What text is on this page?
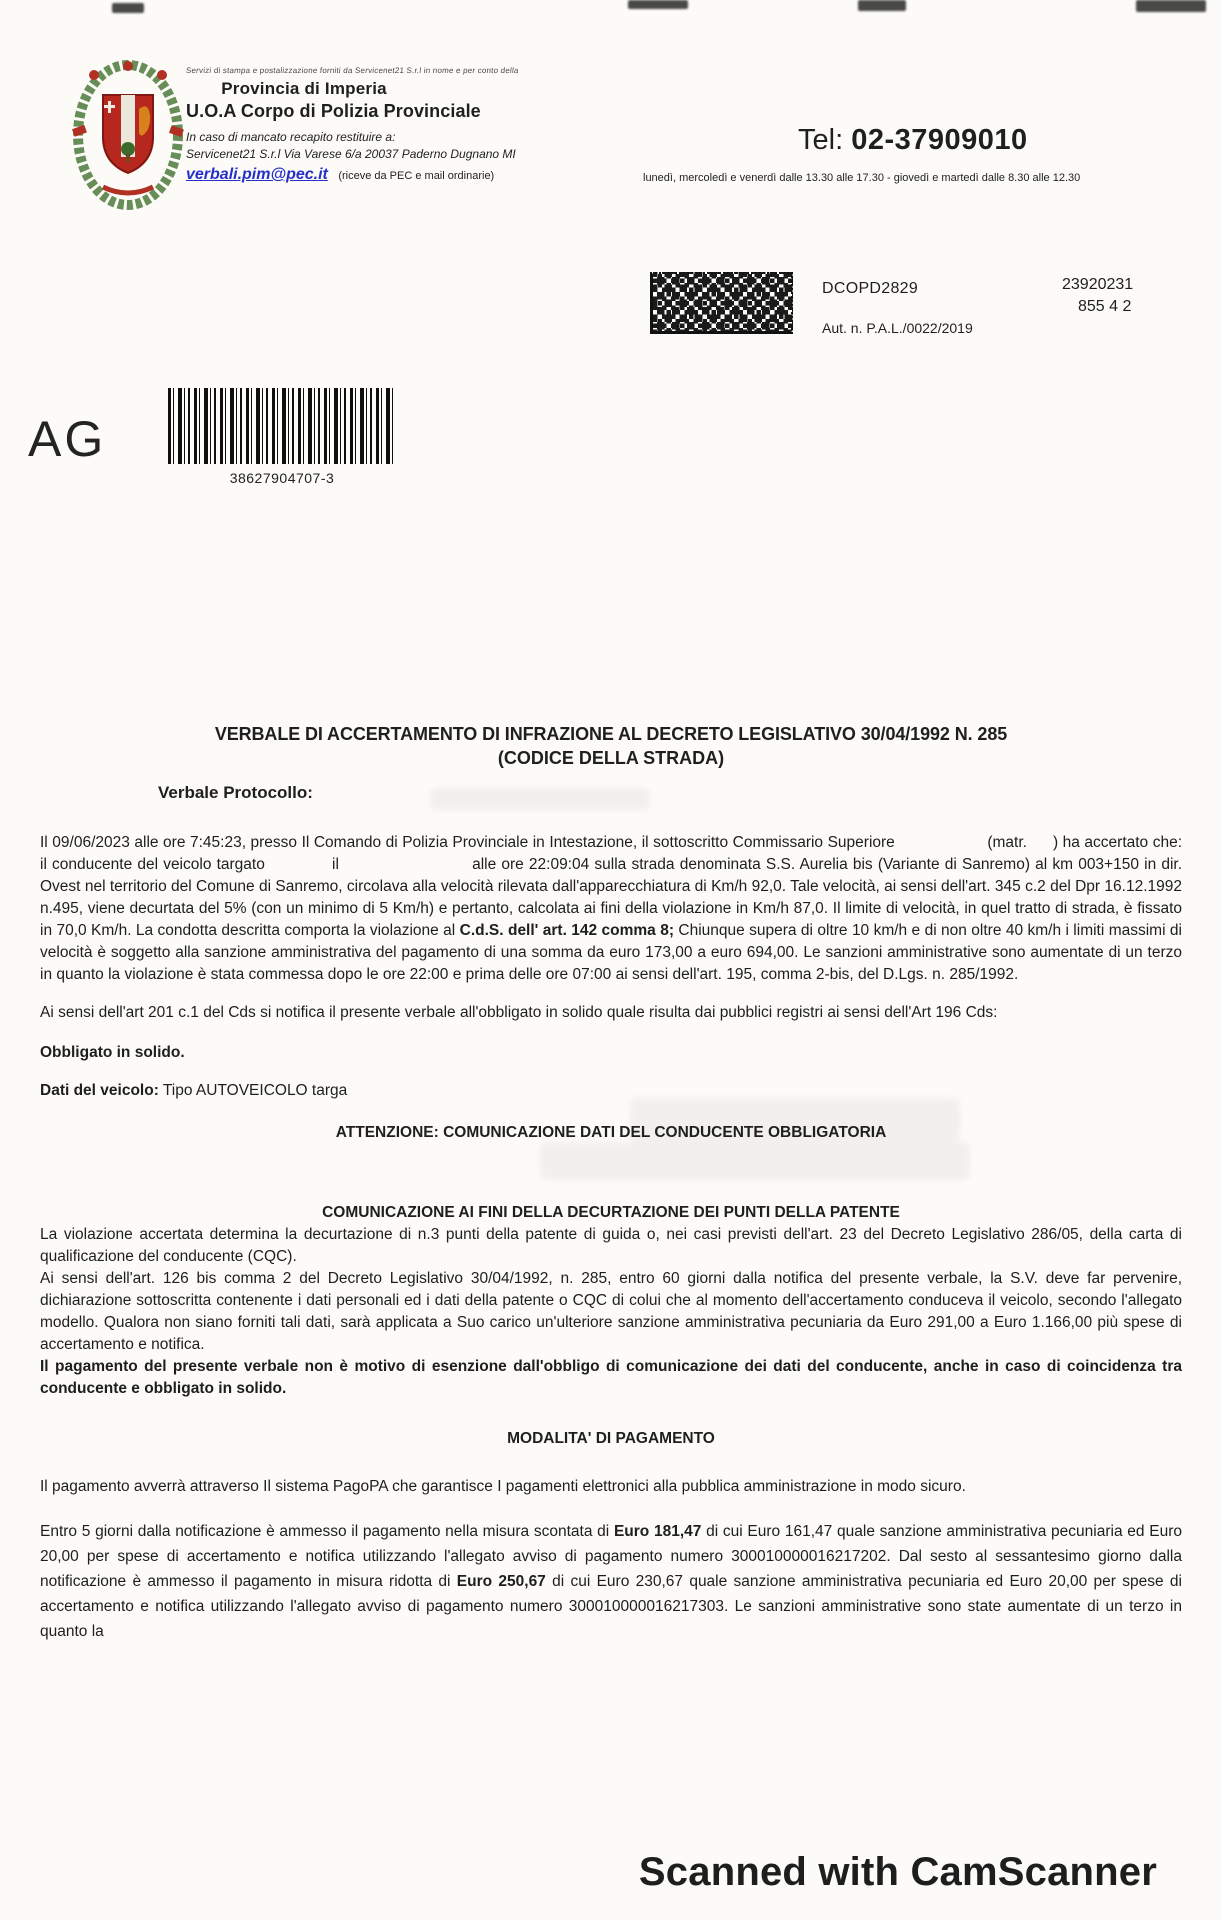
Servizi di stampa e postalizzazione forniti da Servicenet21 S.r.l in nome e per conto della
Provincia di Imperia
U.O.A Corpo di Polizia Provinciale
In caso di mancato recapito restituire a:
Servicenet21 S.r.l Via Varese 6/a 20037 Paderno Dugnano MI
verbali.pim@pec.it (riceve da PEC e mail ordinarie)
Tel: 02-37909010
lunedì, mercoledì e venerdì dalle 13.30 alle 17.30 - giovedì e martedì dalle 8.30 alle 12.30
DCOPD2829
Aut. n. P.A.L./0022/2019
23920231
855 4 2
AG
38627904707-3
VERBALE DI ACCERTAMENTO DI INFRAZIONE AL DECRETO LEGISLATIVO 30/04/1992 N. 285
(CODICE DELLA STRADA)
Verbale Protocollo:

Il 09/06/2023 alle ore 7:45:23, presso Il Comando di Polizia Provinciale in Intestazione, il sottoscritto Commissario Superiore	(matr. ) ha accertato che: il conducente del veicolo targato	il	alle ore 22:09:04 sulla strada denominata S.S. Aurelia bis (Variante di Sanremo) al km 003+150 in dir. Ovest nel territorio del Comune di Sanremo, circolava alla velocità rilevata dall'apparecchiatura di Km/h 92,0. Tale velocità, ai sensi dell'art. 345 c.2 del Dpr 16.12.1992 n.495, viene decurtata del 5% (con un minimo di 5 Km/h) e pertanto, calcolata ai fini della violazione in Km/h 87,0. Il limite di velocità, in quel tratto di strada, è fissato in 70,0 Km/h. La condotta descritta comporta la violazione al C.d.S. dell' art. 142 comma 8; Chiunque supera di oltre 10 km/h e di non oltre 40 km/h i limiti massimi di velocità è soggetto alla sanzione amministrativa del pagamento di una somma da euro 173,00 a euro 694,00. Le sanzioni amministrative sono aumentate di un terzo in quanto la violazione è stata commessa dopo le ore 22:00 e prima delle ore 07:00 ai sensi dell'art. 195, comma 2-bis, del D.Lgs. n. 285/1992.

Ai sensi dell'art 201 c.1 del Cds si notifica il presente verbale all'obbligato in solido quale risulta dai pubblici registri ai sensi dell'Art 196 Cds:

Obbligato in solido.

Dati del veicolo: Tipo AUTOVEICOLO targa

ATTENZIONE: COMUNICAZIONE DATI DEL CONDUCENTE OBBLIGATORIA
COMUNICAZIONE AI FINI DELLA DECURTAZIONE DEI PUNTI DELLA PATENTE

La violazione accertata determina la decurtazione di n.3 punti della patente di guida o, nei casi previsti dell'art. 23 del Decreto Legislativo 286/05, della carta di qualificazione del conducente (CQC).

Ai sensi dell'art. 126 bis comma 2 del Decreto Legislativo 30/04/1992, n. 285, entro 60 giorni dalla notifica del presente verbale, la S.V. deve far pervenire, dichiarazione sottoscritta contenente i dati personali ed i dati della patente o CQC di colui che al momento dell'accertamento conduceva il veicolo, secondo l'allegato modello. Qualora non siano forniti tali dati, sarà applicata a Suo carico un'ulteriore sanzione amministrativa pecuniaria da Euro 291,00 a Euro 1.166,00 più spese di accertamento e notifica.

Il pagamento del presente verbale non è motivo di esenzione dall'obbligo di comunicazione dei dati del conducente, anche in caso di coincidenza tra conducente e obbligato in solido.

MODALITA' DI PAGAMENTO

Il pagamento avverrà attraverso Il sistema PagoPA che garantisce I pagamenti elettronici alla pubblica amministrazione in modo sicuro.

Entro 5 giorni dalla notificazione è ammesso il pagamento nella misura scontata di Euro 181,47 di cui Euro 161,47 quale sanzione amministrativa pecuniaria ed Euro 20,00 per spese di accertamento e notifica utilizzando l'allegato avviso di pagamento numero 300010000016217202. Dal sesto al sessantesimo giorno dalla notificazione è ammesso il pagamento in misura ridotta di Euro 250,67 di cui Euro 230,67 quale sanzione amministrativa pecuniaria ed Euro 20,00 per spese di accertamento e notifica utilizzando l'allegato avviso di pagamento numero 300010000016217303. Le sanzioni amministrative sono state aumentate di un terzo in quanto la

Scanned with CamScanner
